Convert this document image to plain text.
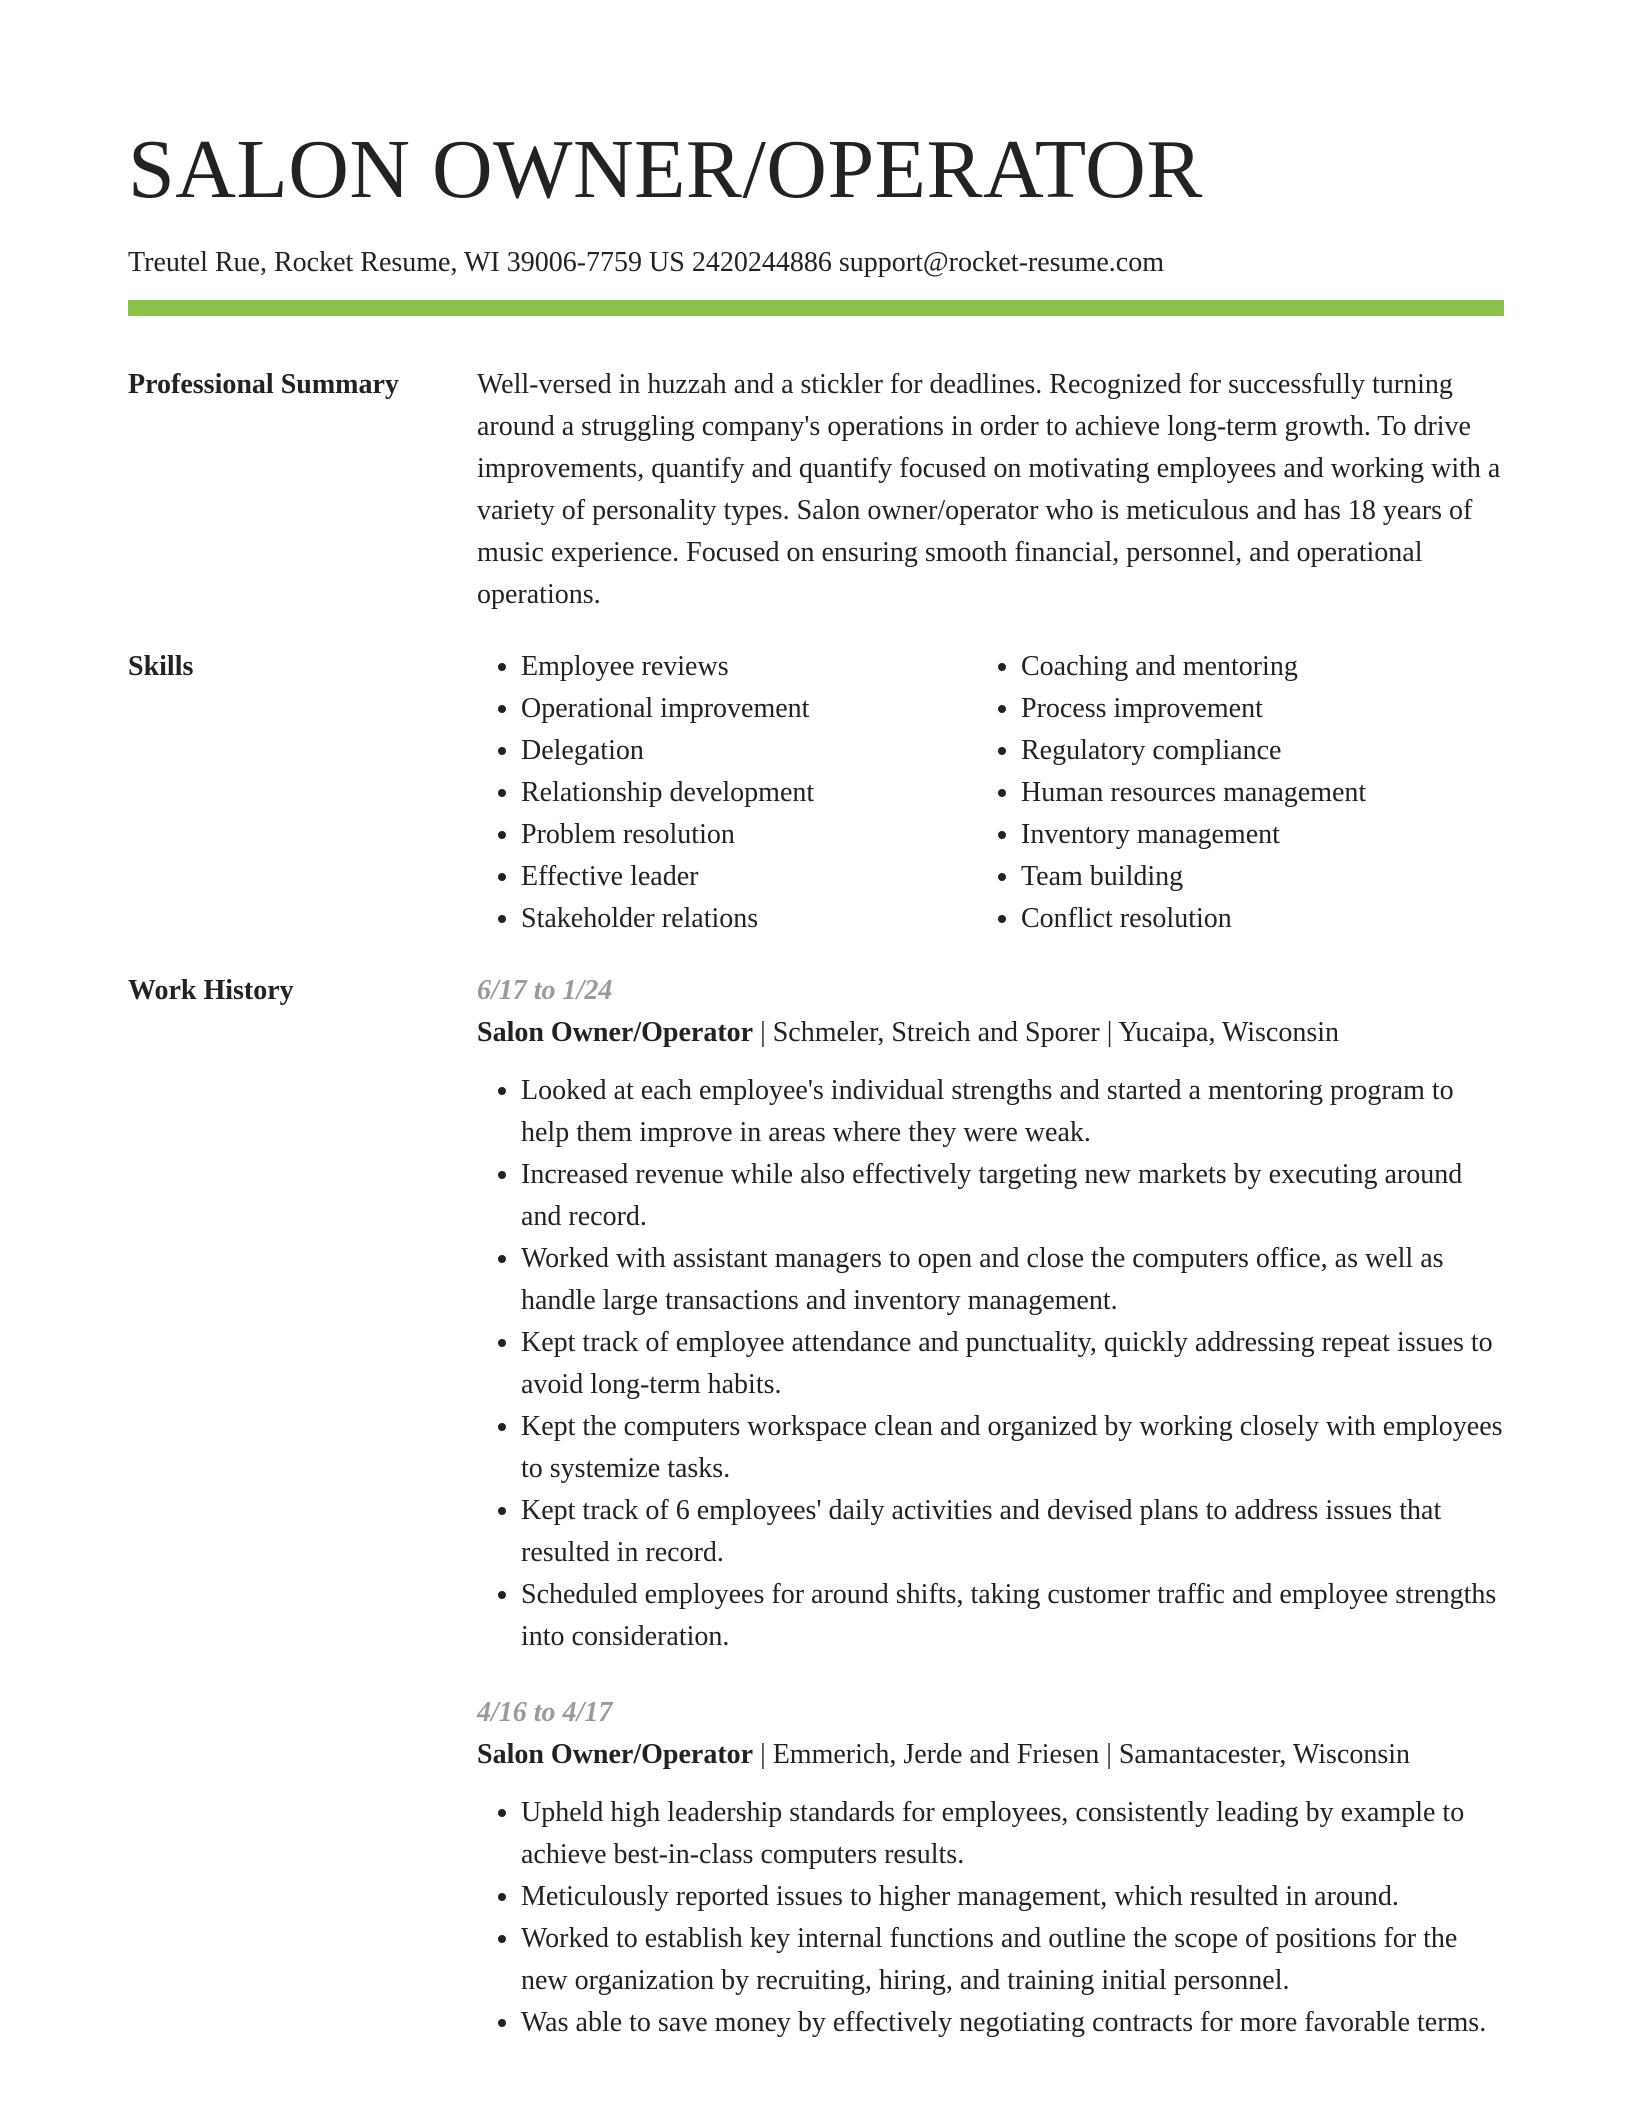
SALON OWNER/OPERATOR
Treutel Rue, Rocket Resume, WI 39006-7759 US 2420244886 support@rocket-resume.com
Professional Summary	Well-versed in huzzah and a stickler for deadlines. Recognized for successfully turning around a struggling company's operations in order to achieve long-term growth. To drive improvements, quantify and quantify focused on motivating employees and working with a variety of personality types. Salon owner/operator who is meticulous and has 18 years of music experience. Focused on ensuring smooth financial, personnel, and operational operations.

Skills
•	Employee reviews
• Operational improvement
• Delegation
• Relationship development
• Problem resolution
• Effective leader
• Stakeholder relations
• Coaching and mentoring
• Process improvement
• Regulatory compliance
• Human resources management
• Inventory management
• Team building
• Conflict resolution
Work History	6/17 to 1/24
Salon Owner/Operator | Schmeler, Streich and Sporer | Yucaipa, Wisconsin
• Looked at each employee's individual strengths and started a mentoring program to help them improve in areas where they were weak.
• Increased revenue while also effectively targeting new markets by executing around and record.
• Worked with assistant managers to open and close the computers office, as well as handle large transactions and inventory management.
• Kept track of employee attendance and punctuality, quickly addressing repeat issues to avoid long-term habits.
• Kept the computers workspace clean and organized by working closely with employees to systemize tasks.
• Kept track of 6 employees' daily activities and devised plans to address issues that resulted in record.
• Scheduled employees for around shifts, taking customer traffic and employee strengths into consideration.
4/16 to 4/17
Salon Owner/Operator | Emmerich, Jerde and Friesen | Samantacester, Wisconsin
• Upheld high leadership standards for employees, consistently leading by example to achieve best-in-class computers results.
• Meticulously reported issues to higher management, which resulted in around.
• Worked to establish key internal functions and outline the scope of positions for the new organization by recruiting, hiring, and training initial personnel.
• Was able to save money by effectively negotiating contracts for more favorable terms.
